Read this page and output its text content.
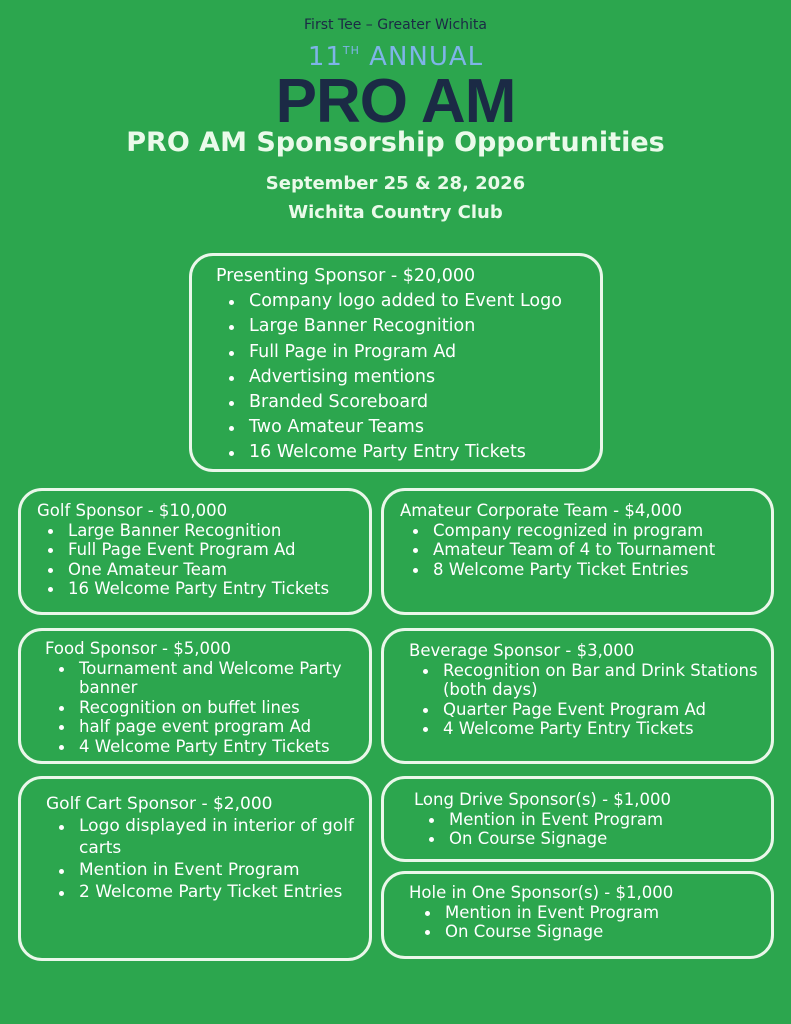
First Tee – Greater Wichita
11TH ANNUAL
PRO AM
PRO AM Sponsorship Opportunities
September 25 & 28, 2026
Wichita Country Club
Presenting Sponsor - $20,000
Company logo added to Event Logo
Large Banner Recognition
Full Page in Program Ad
Advertising mentions
Branded Scoreboard
Two Amateur Teams
16 Welcome Party Entry Tickets
Golf Sponsor - $10,000
Large Banner Recognition
Full Page Event Program Ad
One Amateur Team
16 Welcome Party Entry Tickets
Amateur Corporate Team - $4,000
Company recognized in program
Amateur Team of 4 to Tournament
8 Welcome Party Ticket Entries
Food Sponsor - $5,000
Tournament and Welcome Party banner
Recognition on buffet lines
half page event program Ad
4 Welcome Party Entry Tickets
Beverage Sponsor - $3,000
Recognition on Bar and Drink Stations (both days)
Quarter Page Event Program Ad
4 Welcome Party Entry Tickets
Golf Cart Sponsor - $2,000
Logo displayed in interior of golf carts
Mention in Event Program
2 Welcome Party Ticket Entries
Long Drive Sponsor(s) - $1,000
Mention in Event Program
On Course Signage
Hole in One Sponsor(s) - $1,000
Mention in Event Program
On Course Signage
